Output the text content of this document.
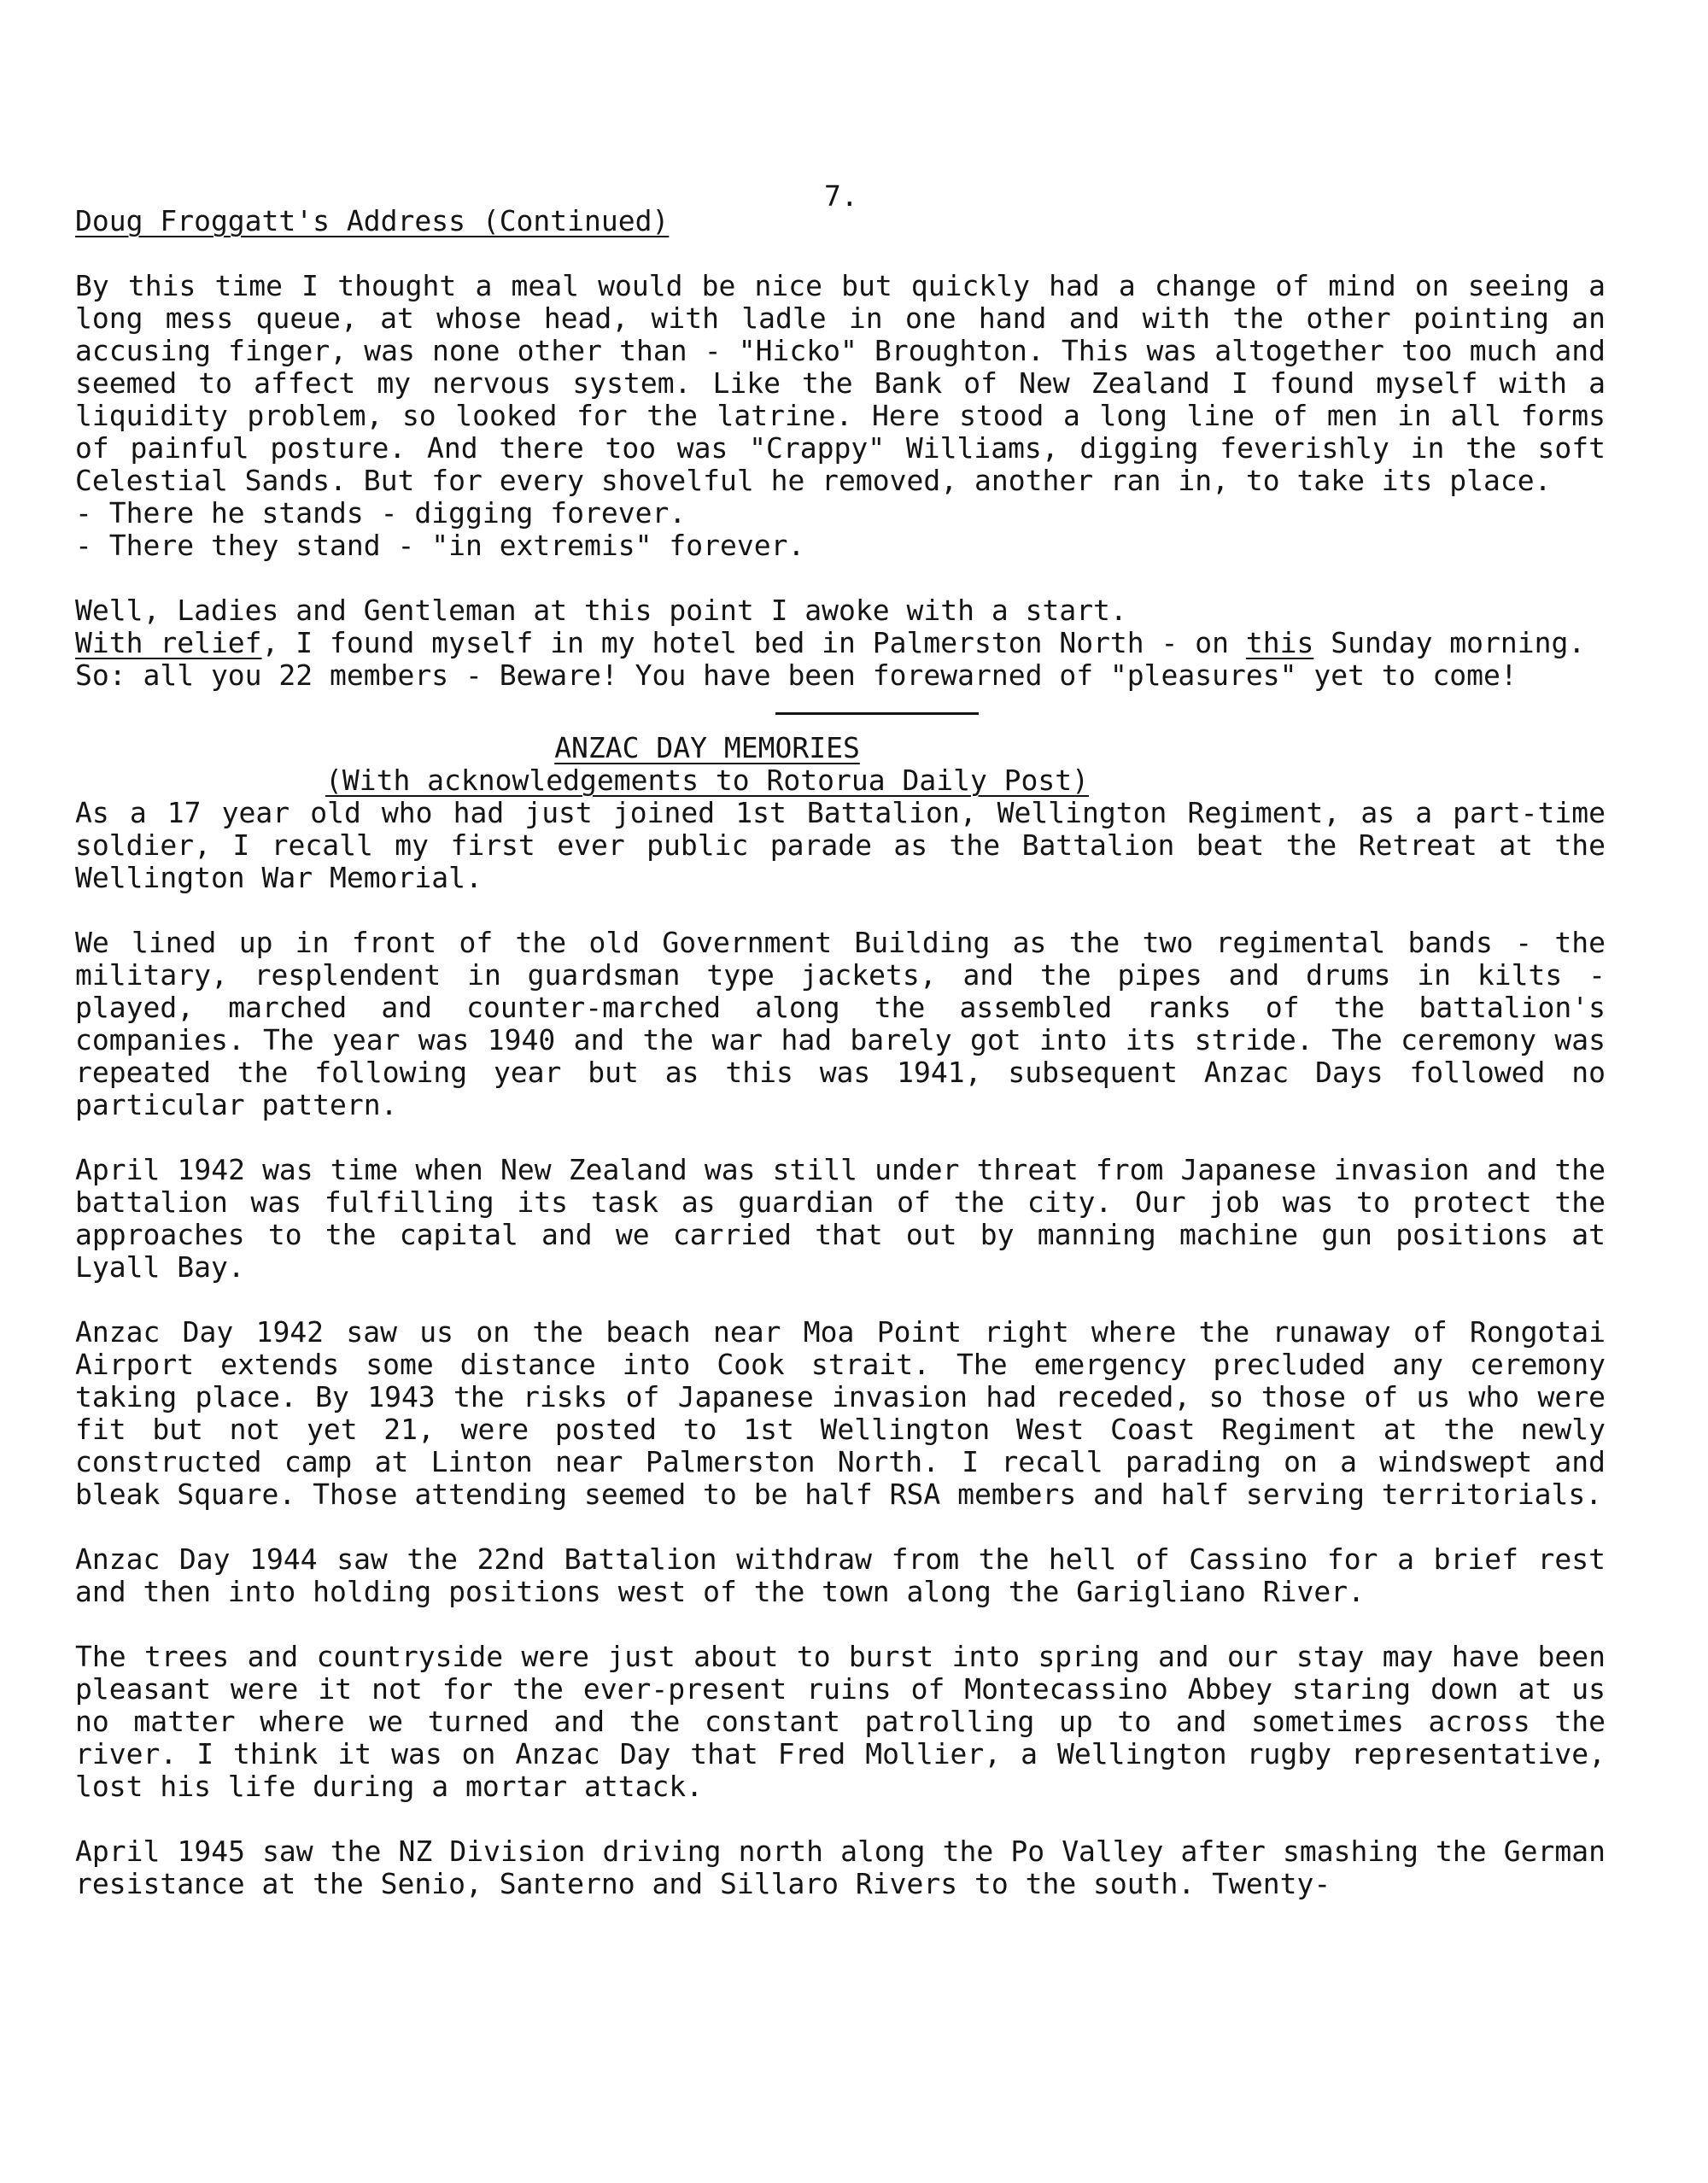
7.
Doug Froggatt's Address (Continued)

By this time I thought a meal would be nice but quickly had a change of mind on seeing a long mess queue, at whose head, with ladle in one hand and with the other pointing an accusing finger, was none other than - "Hicko" Broughton. This was altogether too much and seemed to affect my nervous system. Like the Bank of New Zealand I found myself with a liquidity problem, so looked for the latrine. Here stood a long line of men in all forms of painful posture. And there too was "Crappy" Williams, digging feverishly in the soft Celestial Sands. But for every shovelful he removed, another ran in, to take its place.

- There he stands - digging forever.

- There they stand - "in extremis" forever.

Well, Ladies and Gentleman at this point I awoke with a start.

With relief, I found myself in my hotel bed in Palmerston North - on this Sunday morning.

So: all you 22 members - Beware! You have been forewarned of "pleasures" yet to come!

ANZAC DAY MEMORIES

(With acknowledgements to Rotorua Daily Post)

As a 17 year old who had just joined 1st Battalion, Wellington Regiment, as a part-time soldier, I recall my first ever public parade as the Battalion beat the Retreat at the Wellington War Memorial.

We lined up in front of the old Government Building as the two regimental bands - the military, resplendent in guardsman type jackets, and the pipes and drums in kilts - played, marched and counter-marched along the assembled ranks of the battalion's companies. The year was 1940 and the war had barely got into its stride. The ceremony was repeated the following year but as this was 1941, subsequent Anzac Days followed no particular pattern.

April 1942 was time when New Zealand was still under threat from Japanese invasion and the battalion was fulfilling its task as guardian of the city. Our job was to protect the approaches to the capital and we carried that out by manning machine gun positions at Lyall Bay.

Anzac Day 1942 saw us on the beach near Moa Point right where the runaway of Rongotai Airport extends some distance into Cook strait. The emergency precluded any ceremony taking place. By 1943 the risks of Japanese invasion had receded, so those of us who were fit but not yet 21, were posted to 1st Wellington West Coast Regiment at the newly constructed camp at Linton near Palmerston North. I recall parading on a windswept and bleak Square. Those attending seemed to be half RSA members and half serving territorials.

Anzac Day 1944 saw the 22nd Battalion withdraw from the hell of Cassino for a brief rest and then into holding positions west of the town along the Garigliano River.

The trees and countryside were just about to burst into spring and our stay may have been pleasant were it not for the ever-present ruins of Montecassino Abbey staring down at us no matter where we turned and the constant patrolling up to and sometimes across the river. I think it was on Anzac Day that Fred Mollier, a Wellington rugby representative, lost his life during a mortar attack.

April 1945 saw the NZ Division driving north along the Po Valley after smashing the German resistance at the Senio, Santerno and Sillaro Rivers to the south. Twenty-
